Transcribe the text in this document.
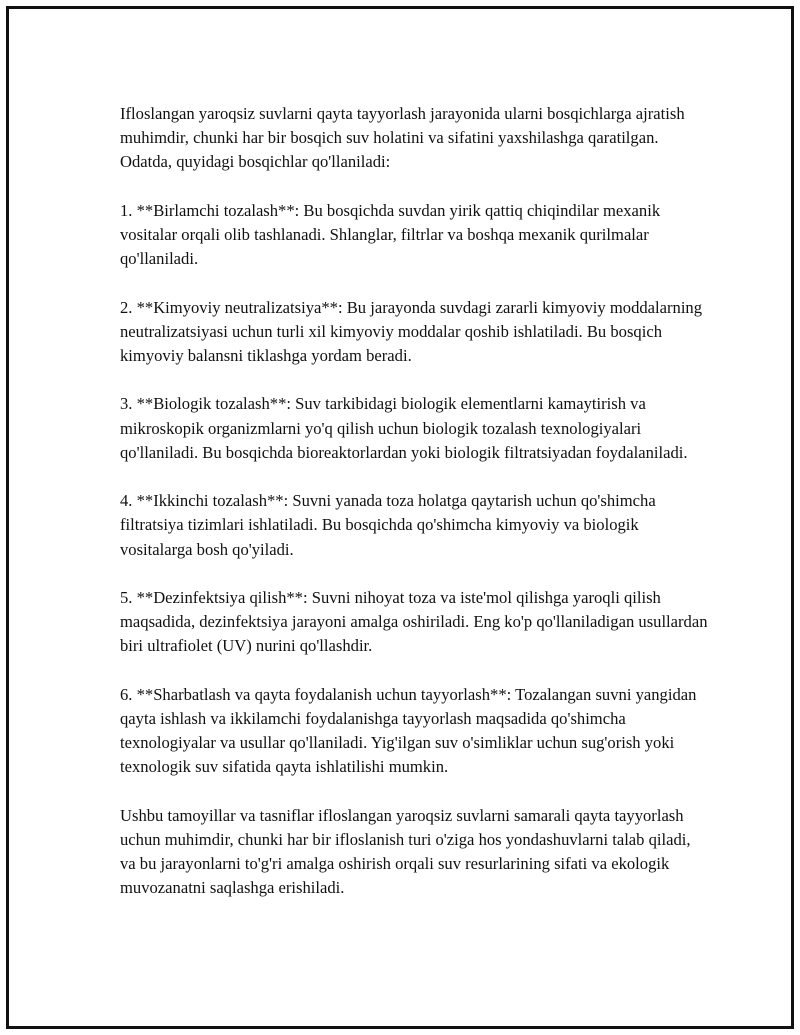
Ifloslangan yaroqsiz suvlarni qayta tayyorlash jarayonida ularni bosqichlarga ajratish muhimdir, chunki har bir bosqich suv holatini va sifatini yaxshilashga qaratilgan. Odatda, quyidagi bosqichlar qo'llaniladi:

1. **Birlamchi tozalash**: Bu bosqichda suvdan yirik qattiq chiqindilar mexanik vositalar orqali olib tashlanadi. Shlanglar, filtrlar va boshqa mexanik qurilmalar qo'llaniladi.

2. **Kimyoviy neutralizatsiya**: Bu jarayonda suvdagi zararli kimyoviy moddalarning neutralizatsiyasi uchun turli xil kimyoviy moddalar qoshib ishlatiladi. Bu bosqich kimyoviy balansni tiklashga yordam beradi.

3. **Biologik tozalash**: Suv tarkibidagi biologik elementlarni kamaytirish va mikroskopik organizmlarni yo'q qilish uchun biologik tozalash texnologiyalari qo'llaniladi. Bu bosqichda bioreaktorlardan yoki biologik filtratsiyadan foydalaniladi.

4. **Ikkinchi tozalash**: Suvni yanada toza holatga qaytarish uchun qo'shimcha filtratsiya tizimlari ishlatiladi. Bu bosqichda qo'shimcha kimyoviy va biologik vositalarga bosh qo'yiladi.

5. **Dezinfektsiya qilish**: Suvni nihoyat toza va iste'mol qilishga yaroqli qilish maqsadida, dezinfektsiya jarayoni amalga oshiriladi. Eng ko'p qo'llaniladigan usullardan biri ultrafiolet (UV) nurini qo'llashdir.

6. **Sharbatlash va qayta foydalanish uchun tayyorlash**: Tozalangan suvni yangidan qayta ishlash va ikkilamchi foydalanishga tayyorlash maqsadida qo'shimcha texnologiyalar va usullar qo'llaniladi. Yig'ilgan suv o'simliklar uchun sug'orish yoki texnologik suv sifatida qayta ishlatilishi mumkin.

Ushbu tamoyillar va tasniflar ifloslangan yaroqsiz suvlarni samarali qayta tayyorlash uchun muhimdir, chunki har bir ifloslanish turi o'ziga hos yondashuvlarni talab qiladi, va bu jarayonlarni to'g'ri amalga oshirish orqali suv resurlarining sifati va ekologik muvozanatni saqlashga erishiladi.
